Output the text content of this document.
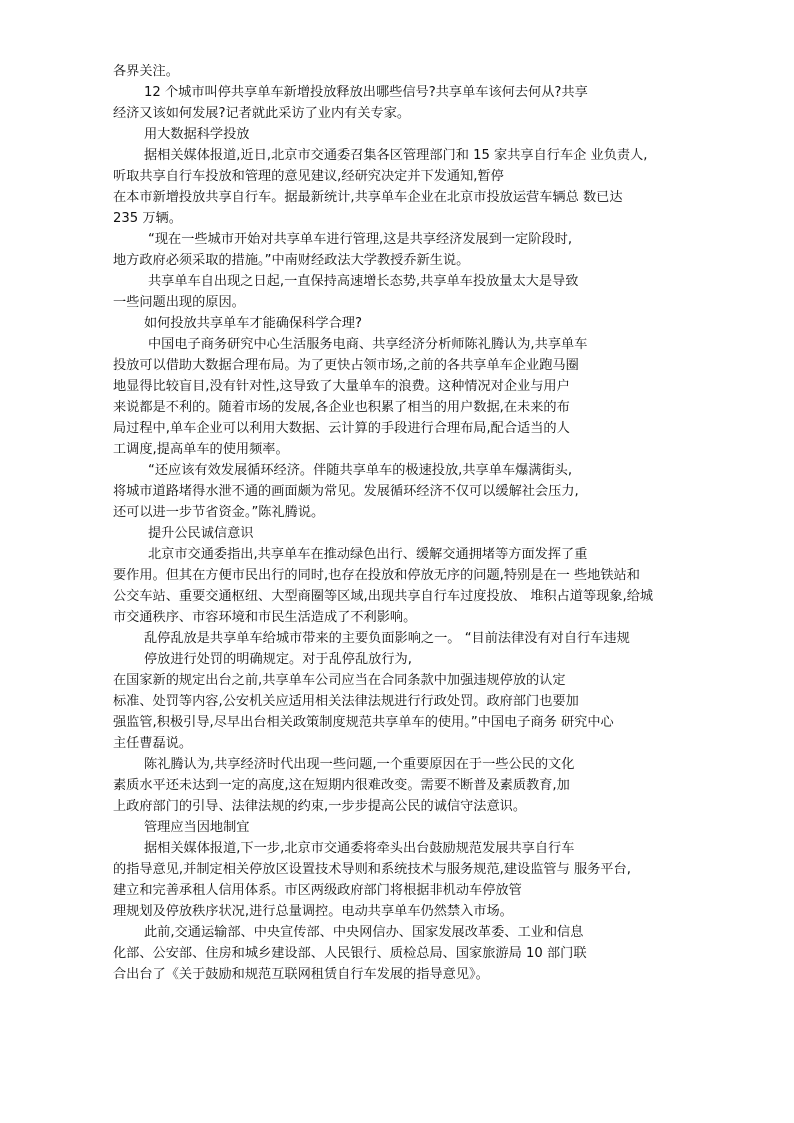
各界关注。
12 个城市叫停共享单车新增投放释放出哪些信号?共享单车该何去何从?共享
经济又该如何发展?记者就此采访了业内有关专家。
用大数据科学投放
据相关媒体报道,近日,北京市交通委召集各区管理部门和 15 家共享自行车企 业负责人,
听取共享自行车投放和管理的意见建议,经研究决定并下发通知,暂停
在本市新增投放共享自行车。据最新统计,共享单车企业在北京市投放运营车辆总 数已达
235 万辆。
“现在一些城市开始对共享单车进行管理,这是共享经济发展到一定阶段时,
地方政府必须采取的措施。”中南财经政法大学教授乔新生说。
共享单车自出现之日起,一直保持高速增长态势,共享单车投放量太大是导致
一些问题出现的原因。
如何投放共享单车才能确保科学合理?
中国电子商务研究中心生活服务电商、共享经济分析师陈礼腾认为,共享单车
投放可以借助大数据合理布局。为了更快占领市场,之前的各共享单车企业跑马圈
地显得比较盲目,没有针对性,这导致了大量单车的浪费。这种情况对企业与用户
来说都是不利的。随着市场的发展,各企业也积累了相当的用户数据,在未来的布
局过程中,单车企业可以利用大数据、云计算的手段进行合理布局,配合适当的人
工调度,提高单车的使用频率。
“还应该有效发展循环经济。伴随共享单车的极速投放,共享单车爆满街头,
将城市道路堵得水泄不通的画面颇为常见。发展循环经济不仅可以缓解社会压力,
还可以进一步节省资金。”陈礼腾说。
提升公民诚信意识
北京市交通委指出,共享单车在推动绿色出行、缓解交通拥堵等方面发挥了重
要作用。但其在方便市民出行的同时,也存在投放和停放无序的问题,特别是在一 些地铁站和
公交车站、重要交通枢纽、大型商圈等区域,出现共享自行车过度投放、 堆积占道等现象,给城
市交通秩序、市容环境和市民生活造成了不利影响。
乱停乱放是共享单车给城市带来的主要负面影响之一。 “目前法律没有对自行车违规
停放进行处罚的明确规定。对于乱停乱放行为,
在国家新的规定出台之前,共享单车公司应当在合同条款中加强违规停放的认定
标准、处罚等内容,公安机关应适用相关法律法规进行行政处罚。政府部门也要加
强监管,积极引导,尽早出台相关政策制度规范共享单车的使用。”中国电子商务 研究中心
主任曹磊说。
陈礼腾认为,共享经济时代出现一些问题,一个重要原因在于一些公民的文化
素质水平还未达到一定的高度,这在短期内很难改变。需要不断普及素质教育,加
上政府部门的引导、法律法规的约束,一步步提高公民的诚信守法意识。
管理应当因地制宜
据相关媒体报道,下一步,北京市交通委将牵头出台鼓励规范发展共享自行车
的指导意见,并制定相关停放区设置技术导则和系统技术与服务规范,建设监管与 服务平台,
建立和完善承租人信用体系。市区两级政府部门将根据非机动车停放管
理规划及停放秩序状况,进行总量调控。电动共享单车仍然禁入市场。
此前,交通运输部、中央宣传部、中央网信办、国家发展改革委、工业和信息
化部、公安部、住房和城乡建设部、人民银行、质检总局、国家旅游局 10 部门联
合出台了《关于鼓励和规范互联网租赁自行车发展的指导意见》。
